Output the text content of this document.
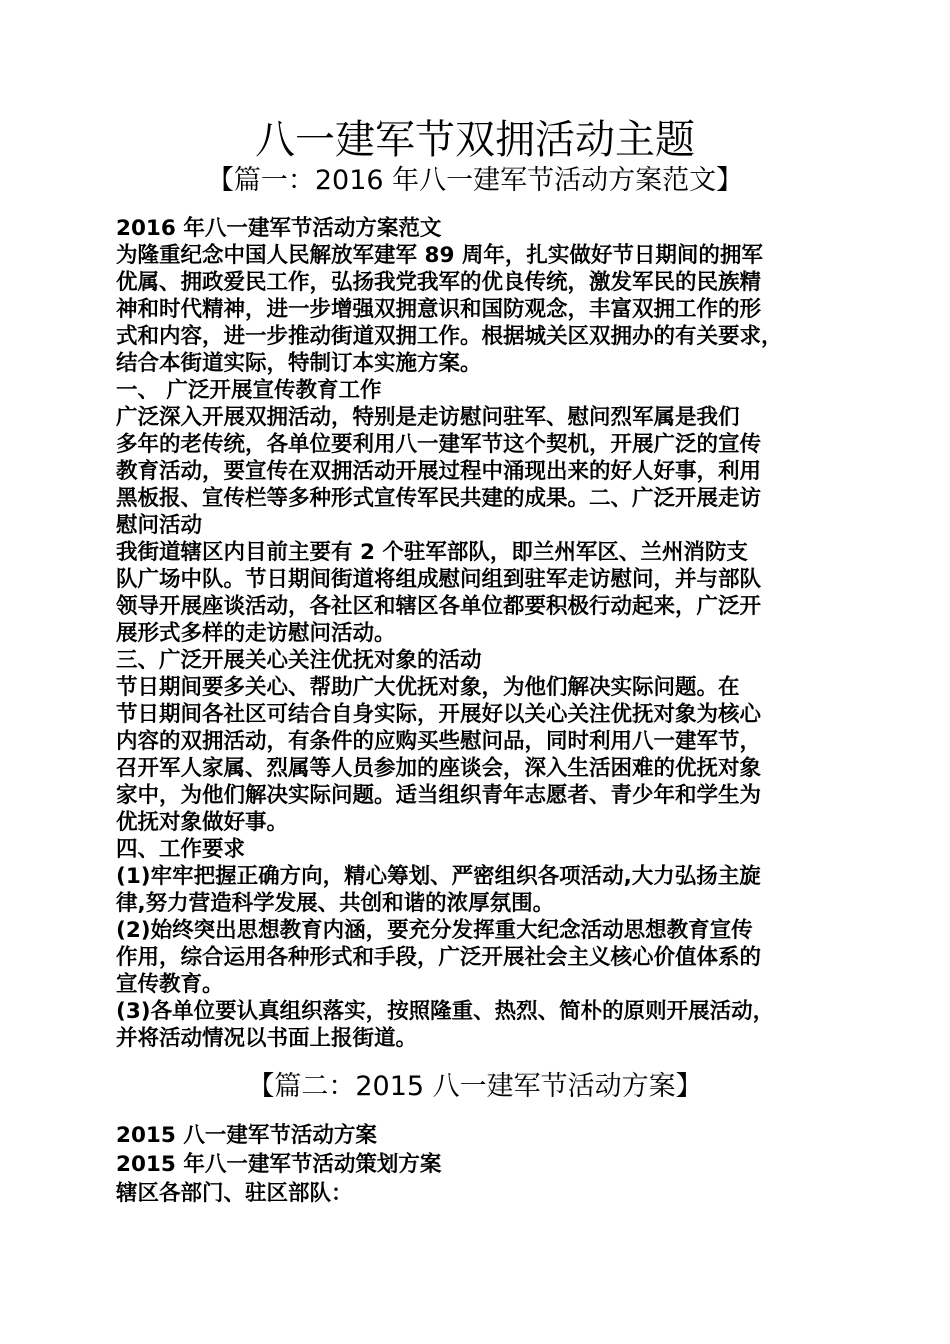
八一建军节双拥活动主题
【篇一：2016 年八一建军节活动方案范文】
2016 年八一建军节活动方案范文
为隆重纪念中国人民解放军建军 89 周年，扎实做好节日期间的拥军
优属、拥政爱民工作，弘扬我党我军的优良传统，激发军民的民族精
神和时代精神，进一步增强双拥意识和国防观念，丰富双拥工作的形
式和内容，进一步推动街道双拥工作。根据城关区双拥办的有关要求，
结合本街道实际，特制订本实施方案。
一、 广泛开展宣传教育工作
广泛深入开展双拥活动，特别是走访慰问驻军、慰问烈军属是我们
多年的老传统，各单位要利用八一建军节这个契机，开展广泛的宣传
教育活动，要宣传在双拥活动开展过程中涌现出来的好人好事，利用
黑板报、宣传栏等多种形式宣传军民共建的成果。二、广泛开展走访
慰问活动
我街道辖区内目前主要有 2 个驻军部队，即兰州军区、兰州消防支
队广场中队。节日期间街道将组成慰问组到驻军走访慰问，并与部队
领导开展座谈活动，各社区和辖区各单位都要积极行动起来，广泛开
展形式多样的走访慰问活动。
三、广泛开展关心关注优抚对象的活动
节日期间要多关心、帮助广大优抚对象，为他们解决实际问题。在
节日期间各社区可结合自身实际，开展好以关心关注优抚对象为核心
内容的双拥活动，有条件的应购买些慰问品，同时利用八一建军节，
召开军人家属、烈属等人员参加的座谈会，深入生活困难的优抚对象
家中，为他们解决实际问题。适当组织青年志愿者、青少年和学生为
优抚对象做好事。
四、工作要求
(1)牢牢把握正确方向，精心筹划、严密组织各项活动,大力弘扬主旋
律,努力营造科学发展、共创和谐的浓厚氛围。
(2)始终突出思想教育内涵，要充分发挥重大纪念活动思想教育宣传
作用，综合运用各种形式和手段，广泛开展社会主义核心价值体系的
宣传教育。
(3)各单位要认真组织落实，按照隆重、热烈、简朴的原则开展活动，
并将活动情况以书面上报街道。
【篇二：2015 八一建军节活动方案】
2015 八一建军节活动方案
2015 年八一建军节活动策划方案
辖区各部门、驻区部队：
